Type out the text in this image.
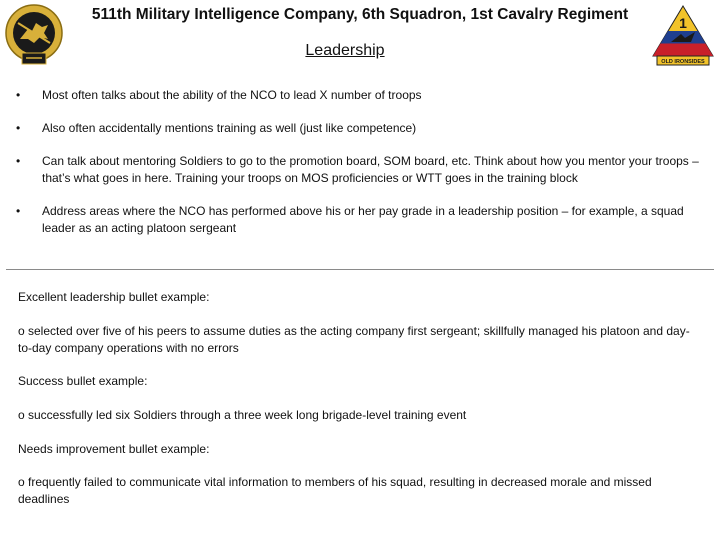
511th Military Intelligence Company, 6th Squadron, 1st Cavalry Regiment
Leadership
1
OLD IRONSIDES
• Most often talks about the ability of the NCO to lead X number of troops
• Also often accidentally mentions training as well (just like competence)
• Can talk about mentoring Soldiers to go to the promotion board, SOM board, etc. Think about how you mentor your troops – that’s what goes in here. Training your troops on MOS proficiencies or WTT goes in the training block
• Address areas where the NCO has performed above his or her pay grade in a leadership position – for example, a squad leader as an acting platoon sergeant

Excellent leadership bullet example:

o selected over five of his peers to assume duties as the acting company first sergeant; skillfully managed his platoon and day-to-day company operations with no errors

Success bullet example:

o successfully led six Soldiers through a three week long brigade-level training event

Needs improvement bullet example:

o frequently failed to communicate vital information to members of his squad, resulting in decreased morale and missed deadlines
